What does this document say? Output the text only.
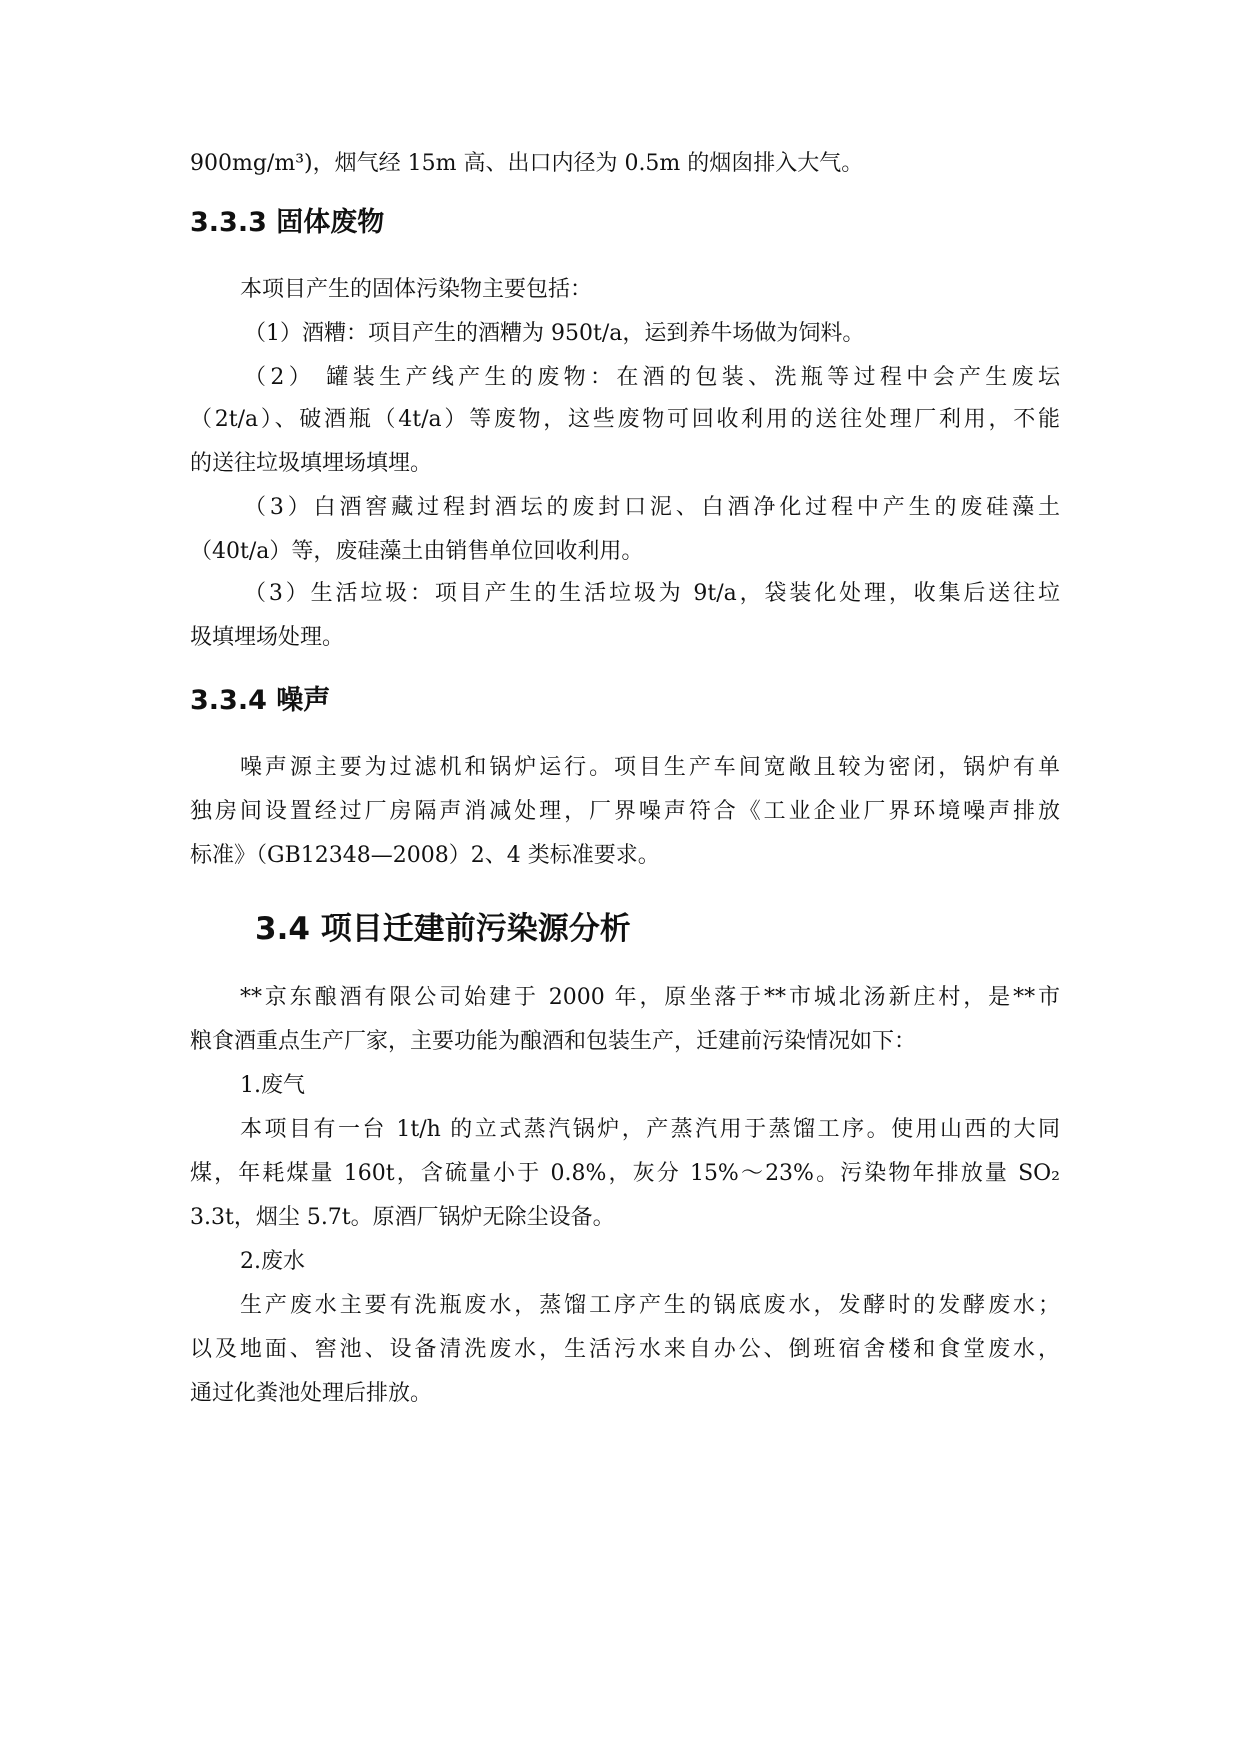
900mg/m³)，烟气经 15m 高、出口内径为 0.5m 的烟囱排入大气。
3.3.3 固体废物
本项目产生的固体污染物主要包括：
（1）酒糟：项目产生的酒糟为 950t/a，运到养牛场做为饲料。
（2） 罐装生产线产生的废物：在酒的包装、洗瓶等过程中会产生废坛
（2t/a）、破酒瓶（4t/a）等废物，这些废物可回收利用的送往处理厂利用，不能
的送往垃圾填埋场填埋。
（3）白酒窖藏过程封酒坛的废封口泥、白酒净化过程中产生的废硅藻土
（40t/a）等，废硅藻土由销售单位回收利用。
（3）生活垃圾：项目产生的生活垃圾为 9t/a，袋装化处理，收集后送往垃
圾填埋场处理。
3.3.4 噪声
噪声源主要为过滤机和锅炉运行。项目生产车间宽敞且较为密闭，锅炉有单
独房间设置经过厂房隔声消减处理，厂界噪声符合《工业企业厂界环境噪声排放
标准》（GB12348—2008）2、4 类标准要求。
3.4 项目迁建前污染源分析
**京东酿酒有限公司始建于 2000 年，原坐落于**市城北汤新庄村，是**市
粮食酒重点生产厂家，主要功能为酿酒和包装生产，迁建前污染情况如下：
1.废气
本项目有一台 1t/h 的立式蒸汽锅炉，产蒸汽用于蒸馏工序。使用山西的大同
煤，年耗煤量 160t，含硫量小于 0.8%，灰分 15%～23%。污染物年排放量 SO₂
3.3t，烟尘 5.7t。原酒厂锅炉无除尘设备。
2.废水
生产废水主要有洗瓶废水，蒸馏工序产生的锅底废水，发酵时的发酵废水；
以及地面、窖池、设备清洗废水，生活污水来自办公、倒班宿舍楼和食堂废水，
通过化粪池处理后排放。
